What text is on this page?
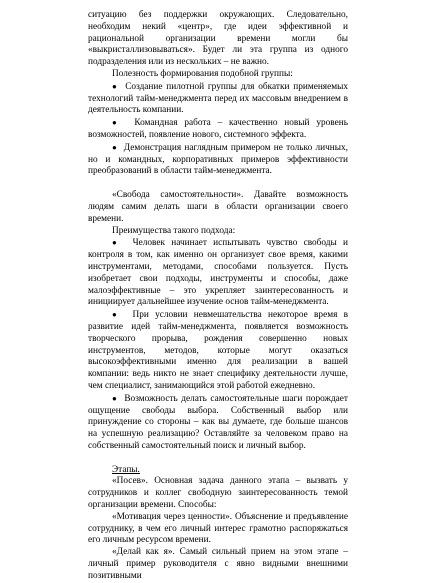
ситуацию без поддержки окружающих. Следовательно, необходим некий «центр», где идеи эффективной и рациональной организации времени могли бы «выкристаллизовываться». Будет ли эта группа из одного подразделения или из нескольких – не важно.

Полезность формирования подобной группы:

●  Создание пилотной группы для обкатки применяемых технологий тайм-менеджмента перед их массовым внедрением в деятельность компании.

●  Командная работа – качественно новый уровень возможностей, появление нового, системного эффекта.

●  Демонстрация наглядным примером не только личных, но и командных, корпоративных примеров эффективности преобразований в области тайм-менеджмента.

«Свобода самостоятельности». Давайте возможность людям самим делать шаги в области организации своего времени.

Преимущества такого подхода:

●  Человек начинает испытывать чувство свободы и контроля в том, как именно он организует свое время, какими инструментами, методами, способами пользуется. Пусть изобретает свои подходы, инструменты и способы, даже малоэффективные – это укрепляет заинтересованность и инициирует дальнейшее изучение основ тайм-менеджмента.

●  При условии невмешательства некоторое время в развитие идей тайм-менеджмента, появляется возможность творческого прорыва, рождения совершенно новых инструментов, методов, которые могут оказаться высокоэффективными именно для реализации в вашей компании: ведь никто не знает специфику деятельности лучше, чем специалист, занимающийся этой работой ежедневно.

●  Возможность делать самостоятельные шаги порождает ощущение свободы выбора. Собственный выбор или принуждение со стороны – как вы думаете, где больше шансов на успешную реализацию? Оставляйте за человеком право на собственный самостоятельный поиск и личный выбор.

Этапы.

«Посев». Основная задача данного этапа – вызвать у сотрудников и коллег свободную заинтересованность темой организации времени. Способы:

«Мотивация через ценности». Объяснение и предъявление сотруднику, в чем его личный интерес грамотно распоряжаться его личным ресурсом времени.

«Делай как я». Самый сильный прием на этом этапе – личный пример руководителя с явно видными внешними позитивными
